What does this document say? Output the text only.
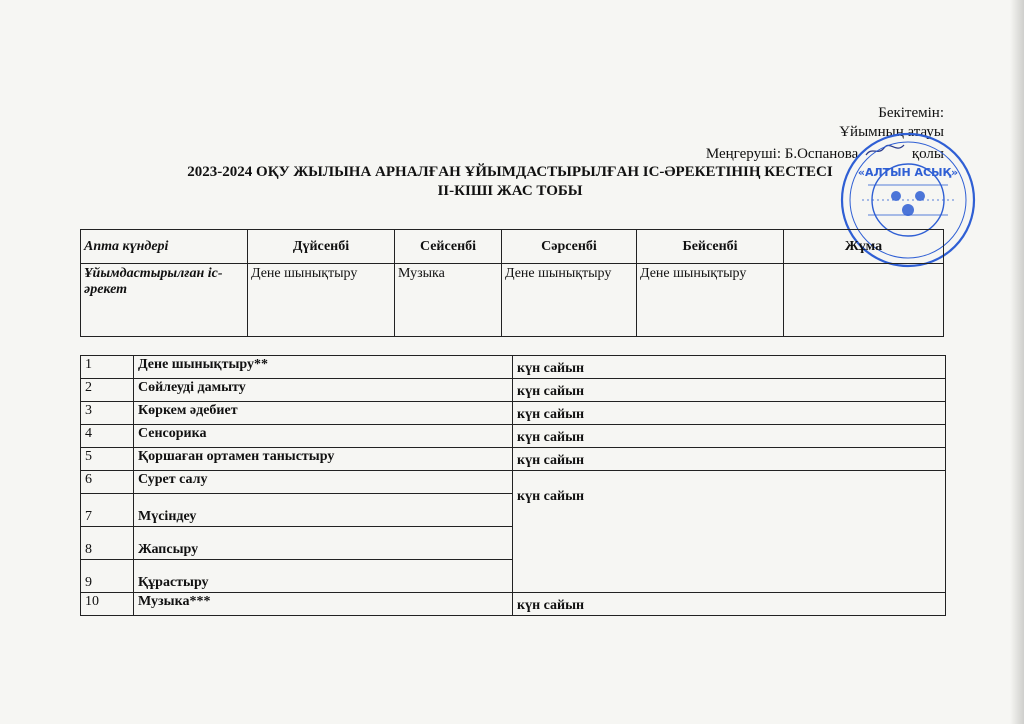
Бекітемін:
Ұйымның атауы
Меңгеруші: Б.Оспанова	қолы
«АЛТЫН АСЫҚ»
2023-2024 ОҚУ ЖЫЛЫНА АРНАЛҒАН ҰЙЫМДАСТЫРЫЛҒАН ІС-ӘРЕКЕТІНІҢ КЕСТЕСІ
ІІ-КІШІ ЖАС ТОБЫ
Апта күндері	Дүйсенбі	Сейсенбі	Сәрсенбі	Бейсенбі	Жұма
Ұйымдастырылған іс-әрекет	Дене шынықтыру	Музыка	Дене шынықтыру	Дене шынықтыру	
1	Дене шынықтыру**	күн сайын
2	Сөйлеуді дамыту	күн сайын
3	Көркем әдебиет	күн сайын
4	Сенсорика	күн сайын
5	Қоршаған ортамен таныстыру	күн сайын
6	Сурет салу	күн сайын
7	Мүсіндеу	
8	Жапсыру	
9	Құрастыру	
10	Музыка***	күн сайын
